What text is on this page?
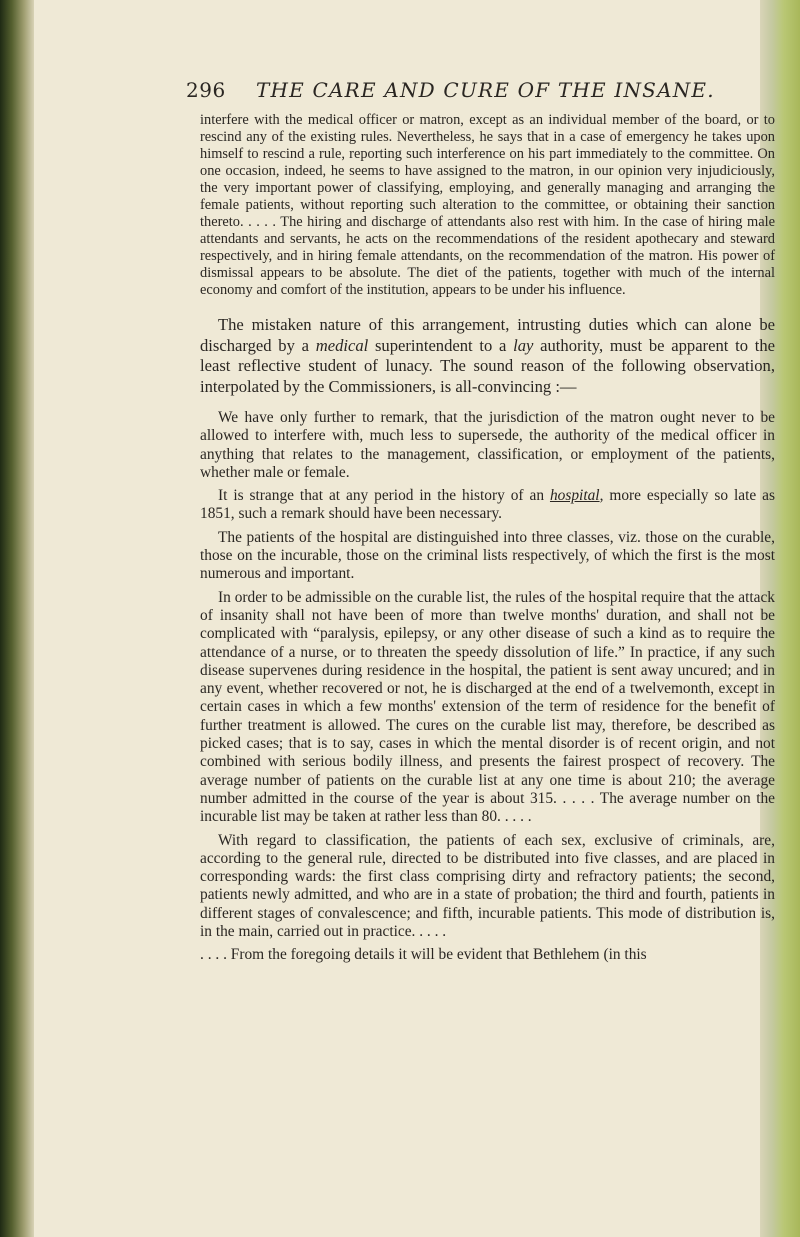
296 THE CARE AND CURE OF THE INSANE.

interfere with the medical officer or matron, except as an individual member of the board, or to rescind any of the existing rules. Nevertheless, he says that in a case of emergency he takes upon himself to rescind a rule, reporting such interference on his part immediately to the committee. On one occasion, indeed, he seems to have assigned to the matron, in our opinion very injudiciously, the very important power of classifying, employing, and generally managing and arranging the female patients, without reporting such alteration to the committee, or obtaining their sanction thereto. . . . . The hiring and discharge of attendants also rest with him. In the case of hiring male attendants and servants, he acts on the recommendations of the resident apothecary and steward respectively, and in hiring female attendants, on the recommendation of the matron. His power of dismissal appears to be absolute. The diet of the patients, together with much of the internal economy and comfort of the institution, appears to be under his influence.

The mistaken nature of this arrangement, intrusting duties which can alone be discharged by a medical superintendent to a lay authority, must be apparent to the least reflective student of lunacy. The sound reason of the following observation, interpolated by the Commissioners, is all-convincing :—

We have only further to remark, that the jurisdiction of the matron ought never to be allowed to interfere with, much less to supersede, the authority of the medical officer in anything that relates to the management, classification, or employment of the patients, whether male or female.

It is strange that at any period in the history of an hospital, more especially so late as 1851, such a remark should have been necessary.

The patients of the hospital are distinguished into three classes, viz. those on the curable, those on the incurable, those on the criminal lists respectively, of which the first is the most numerous and important.

In order to be admissible on the curable list, the rules of the hospital require that the attack of insanity shall not have been of more than twelve months' duration, and shall not be complicated with “paralysis, epilepsy, or any other disease of such a kind as to require the attendance of a nurse, or to threaten the speedy dissolution of life.” In practice, if any such disease supervenes during residence in the hospital, the patient is sent away uncured; and in any event, whether recovered or not, he is discharged at the end of a twelvemonth, except in certain cases in which a few months' extension of the term of residence for the benefit of further treatment is allowed. The cures on the curable list may, therefore, be described as picked cases; that is to say, cases in which the mental disorder is of recent origin, and not combined with serious bodily illness, and presents the fairest prospect of recovery. The average number of patients on the curable list at any one time is about 210; the average number admitted in the course of the year is about 315. . . . . The average number on the incurable list may be taken at rather less than 80. . . . .

With regard to classification, the patients of each sex, exclusive of criminals, are, according to the general rule, directed to be distributed into five classes, and are placed in corresponding wards: the first class comprising dirty and refractory patients; the second, patients newly admitted, and who are in a state of probation; the third and fourth, patients in different stages of convalescence; and fifth, incurable patients. This mode of distribution is, in the main, carried out in practice. . . . .

. . . . From the foregoing details it will be evident that Bethlehem (in this
